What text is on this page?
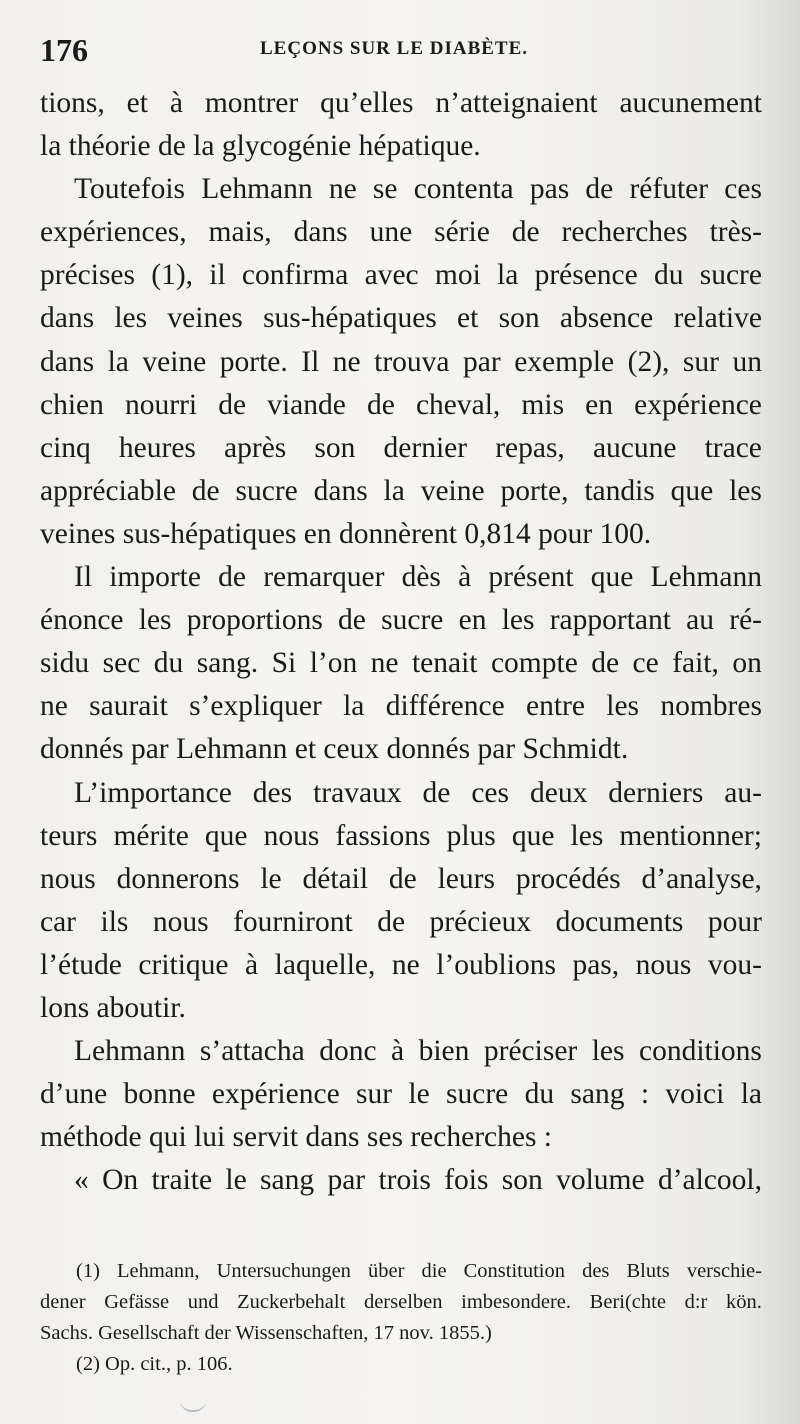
176	LEÇONS SUR LE DIABÈTE.
tions, et à montrer qu’elles n’atteignaient aucunement
la théorie de la glycogénie hépatique.
Toutefois Lehmann ne se contenta pas de réfuter ces
expériences, mais, dans une série de recherches très-
précises (1), il confirma avec moi la présence du sucre
dans les veines sus-hépatiques et son absence relative
dans la veine porte. Il ne trouva par exemple (2), sur un
chien nourri de viande de cheval, mis en expérience
cinq heures après son dernier repas, aucune trace
appréciable de sucre dans la veine porte, tandis que les
veines sus-hépatiques en donnèrent 0,814 pour 100.
Il importe de remarquer dès à présent que Lehmann
énonce les proportions de sucre en les rapportant au ré-
sidu sec du sang. Si l’on ne tenait compte de ce fait, on
ne saurait s’expliquer la différence entre les nombres
donnés par Lehmann et ceux donnés par Schmidt.
L’importance des travaux de ces deux derniers au-
teurs mérite que nous fassions plus que les mentionner;
nous donnerons le détail de leurs procédés d’analyse,
car ils nous fourniront de précieux documents pour
l’étude critique à laquelle, ne l’oublions pas, nous vou-
lons aboutir.
Lehmann s’attacha donc à bien préciser les conditions
d’une bonne expérience sur le sucre du sang : voici la
méthode qui lui servit dans ses recherches :
« On traite le sang par trois fois son volume d’alcool,
(1) Lehmann, Untersuchungen über die Constitution des Bluts verschie-
dener Gefässe und Zuckerbehalt derselben imbesondere. Beri(chte d:r kön.
Sachs. Gesellschaft der Wissenschaften, 17 nov. 1855.)
(2) Op. cit., p. 106.
